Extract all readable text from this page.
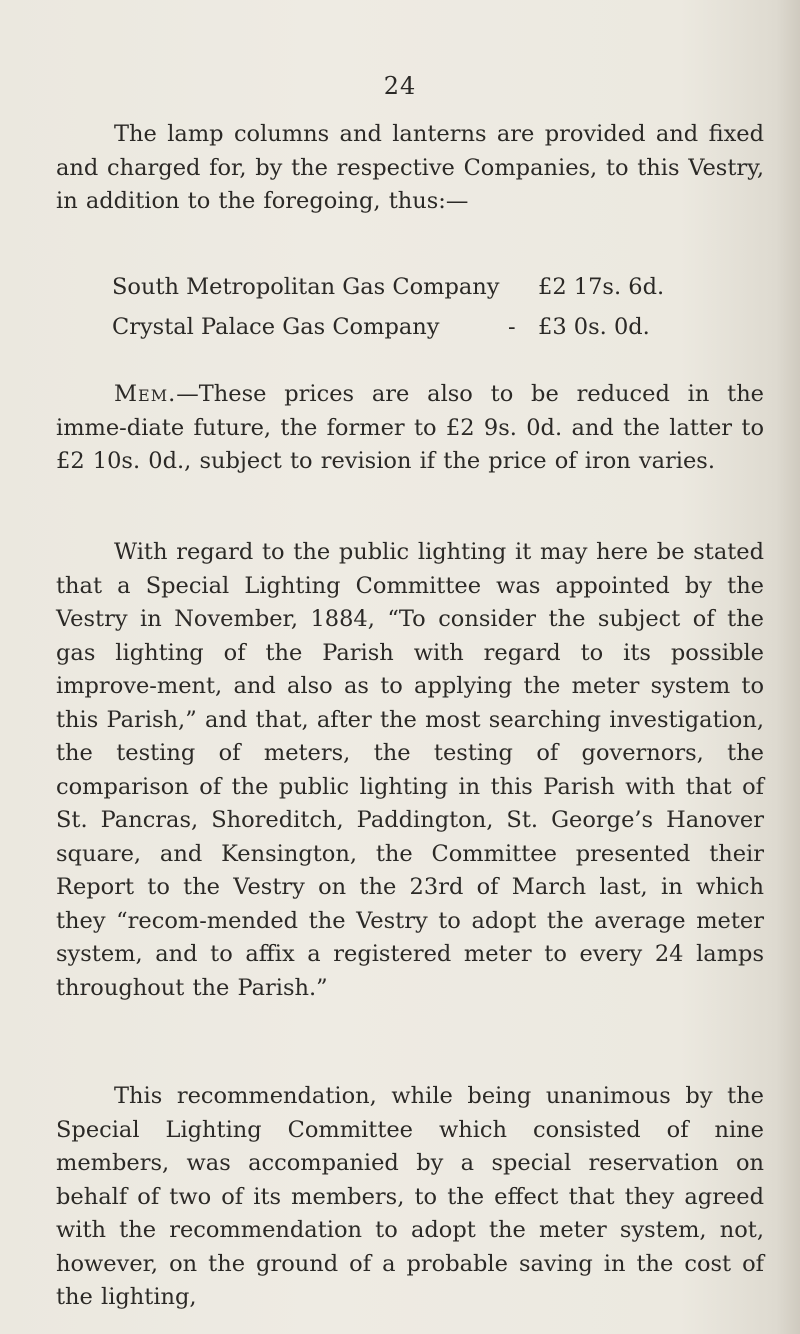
24
The lamp columns and lanterns are provided and fixed and charged for, by the respective Companies, to this Vestry, in addition to the foregoing, thus:—
South Metropolitan Gas Company £2 17s. 6d.
Crystal Palace Gas Company	- £3 0s. 0d.
Mem.—These prices are also to be reduced in the imme-diate future, the former to £2 9s. 0d. and the latter to £2 10s. 0d., subject to revision if the price of iron varies.
With regard to the public lighting it may here be stated that a Special Lighting Committee was appointed by the Vestry in November, 1884, “To consider the subject of the gas lighting of the Parish with regard to its possible improve-ment, and also as to applying the meter system to this Parish,” and that, after the most searching investigation, the testing of meters, the testing of governors, the comparison of the public lighting in this Parish with that of St. Pancras, Shoreditch, Paddington, St. George’s Hanover square, and Kensington, the Committee presented their Report to the Vestry on the 23rd of March last, in which they “recom-mended the Vestry to adopt the average meter system, and to affix a registered meter to every 24 lamps throughout the Parish.”
This recommendation, while being unanimous by the Special Lighting Committee which consisted of nine members, was accompanied by a special reservation on behalf of two of its members, to the effect that they agreed with the recommendation to adopt the meter system, not, however, on the ground of a probable saving in the cost of the lighting,
